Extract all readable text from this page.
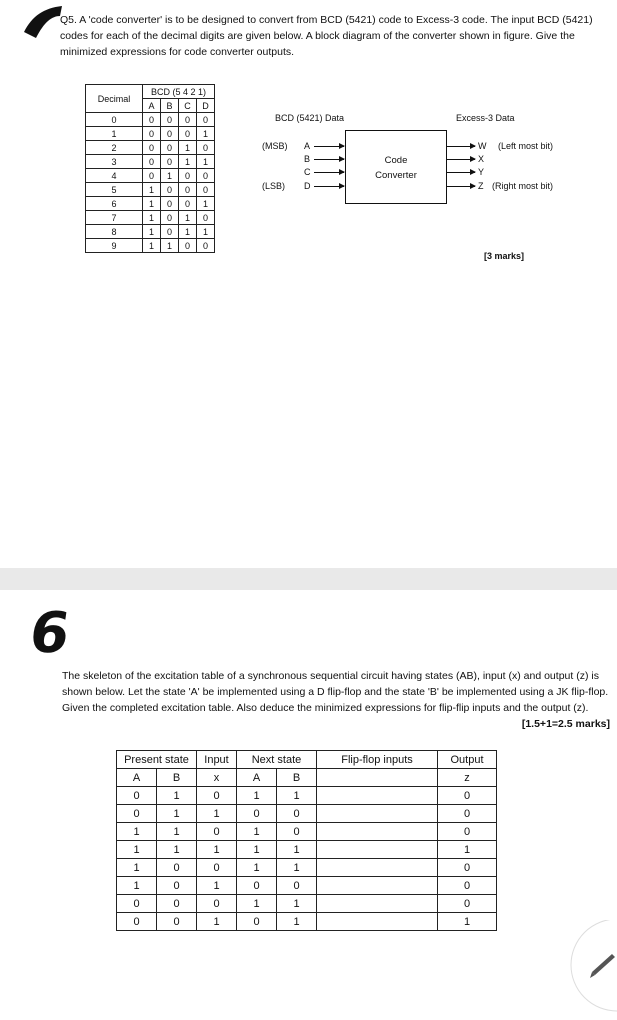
Q5. A 'code converter' is to be designed to convert from BCD (5421) code to Excess-3 code. The input BCD (5421) codes for each of the decimal digits are given below. A block diagram of the converter shown in figure. Give the minimized expressions for code converter outputs.

Decimal	BCD (5 4 2 1)			
	A	B	C	D
0	0	0	0	0
1	0	0	0	1
2	0	0	1	0
3	0	0	1	1
4	0	1	0	0
5	1	0	0	0
6	1	0	0	1
7	1	0	1	0
8	1	0	1	1
9	1	1	0	0
BCD (5421) Data	Excess-3 Data
(MSB)
(LSB)
A
B
C
D
Code
Converter
W
X
Y
Z
(Left most bit)
(Right most bit)
[3 marks]
6

The skeleton of the excitation table of a synchronous sequential circuit having states (AB), input (x) and output (z) is shown below. Let the state 'A' be implemented using a D flip-flop and the state 'B' be implemented using a JK flip-flop. Given the completed excitation table. Also deduce the minimized expressions for flip-flip inputs and the output (z).
[1.5+1=2.5 marks]

Present state		Input	Next state		Flip-flop inputs	Output
A	B	x	A	B		z
0	1	0	1	1		0
0	1	1	0	0		0
1	1	0	1	0		0
1	1	1	1	1		1
1	0	0	1	1		0
1	0	1	0	0		0
0	0	0	1	1		0
0	0	1	0	1		1
